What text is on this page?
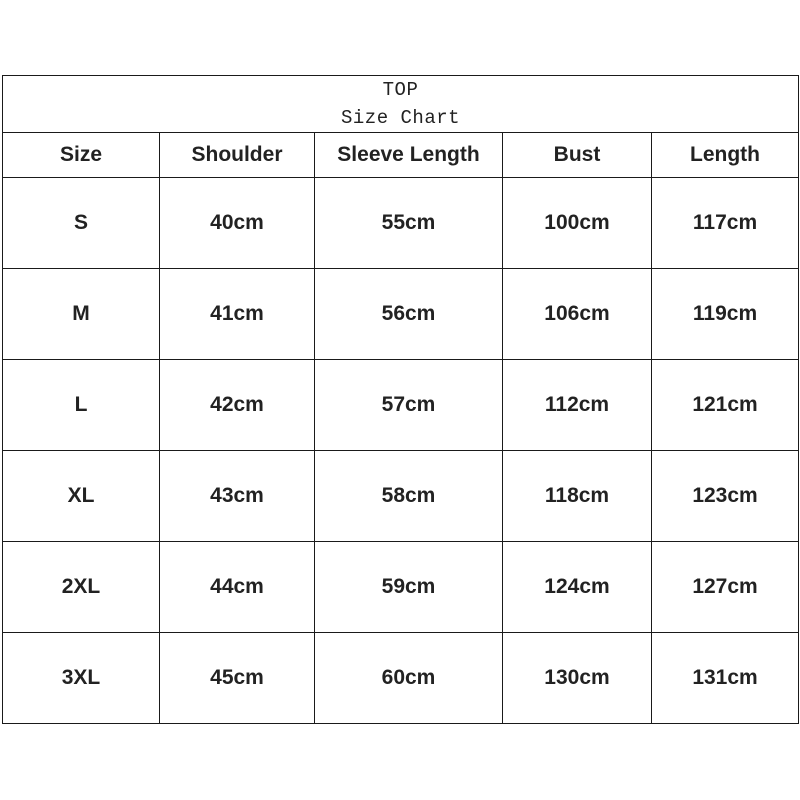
TOP
Size Chart				

Size	Shoulder	Sleeve Length	Bust	Length
S	40cm	55cm	100cm	117cm
M	41cm	56cm	106cm	119cm
L	42cm	57cm	112cm	121cm
XL	43cm	58cm	118cm	123cm
2XL	44cm	59cm	124cm	127cm
3XL	45cm	60cm	130cm	131cm
